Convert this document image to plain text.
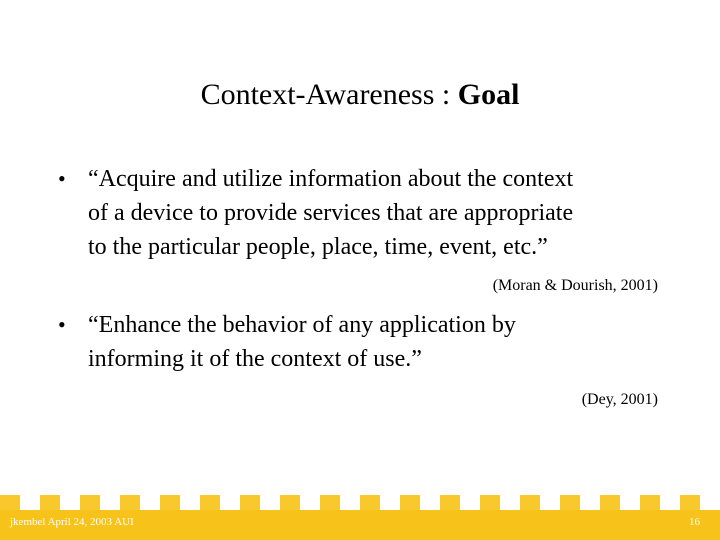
Context-Awareness : Goal
• “Acquire and utilize information about the context
of a device to provide services that are appropriate
to the particular people, place, time, event, etc.”
(Moran & Dourish, 2001)
• “Enhance the behavior of any application by
informing it of the context of use.”
(Dey, 2001)
jkembel April 24, 2003 AUI	16
